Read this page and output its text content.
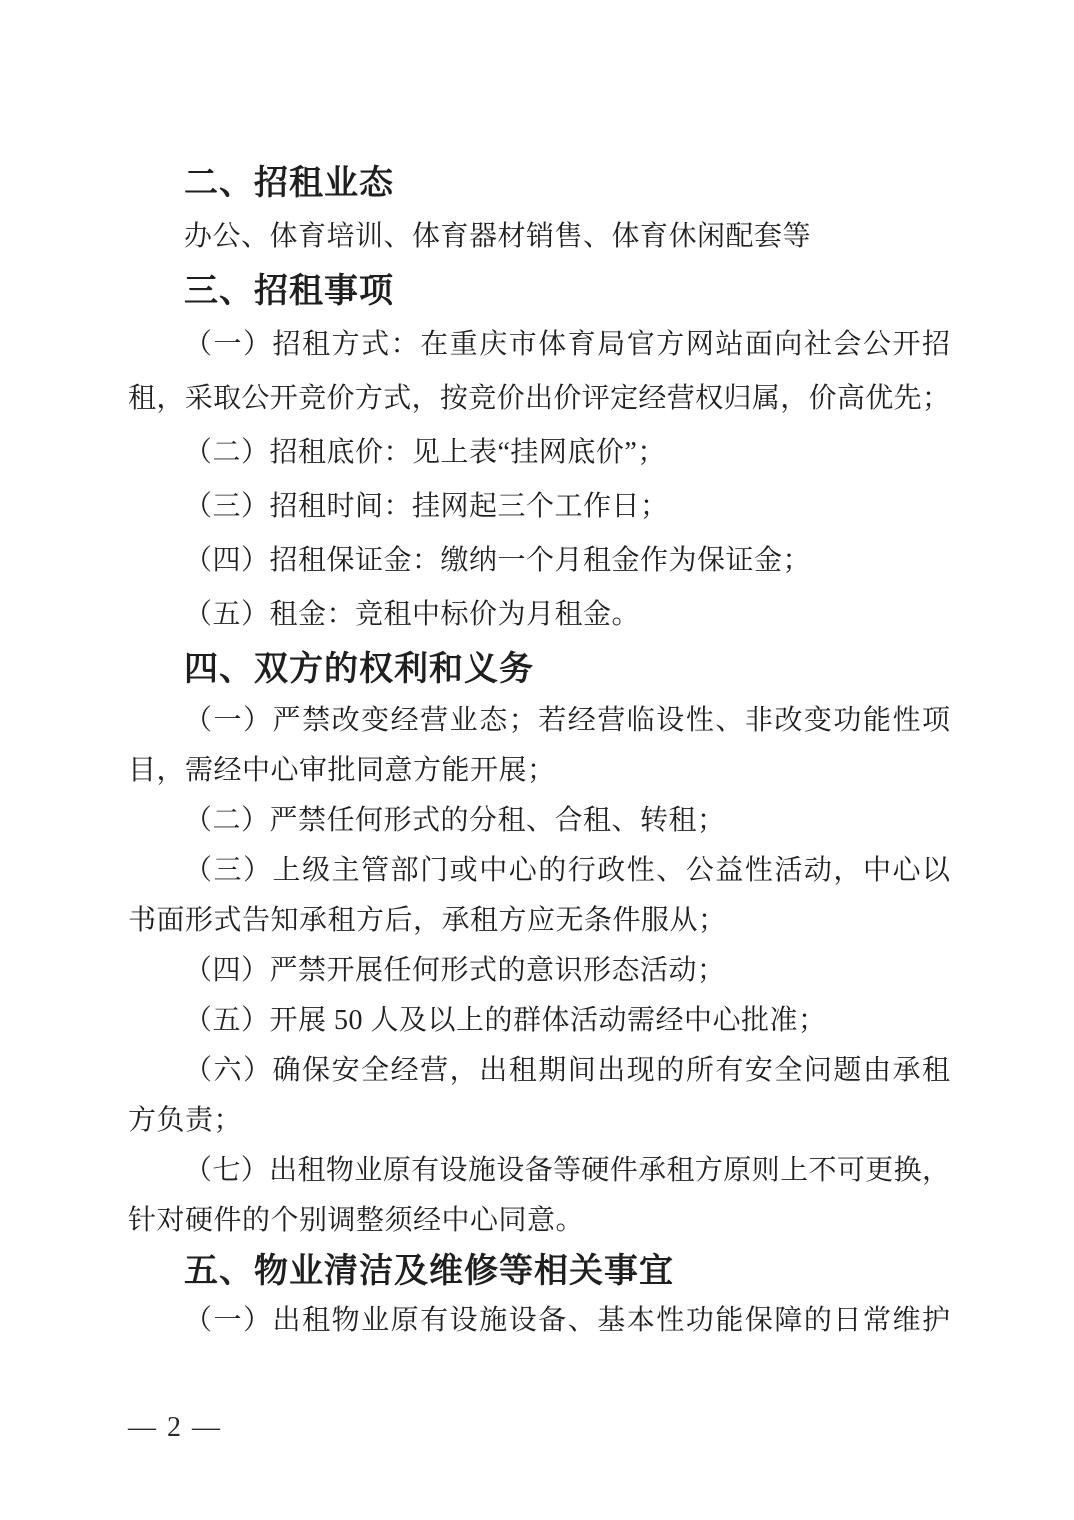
二、招租业态
办公、体育培训、体育器材销售、体育休闲配套等
三、招租事项
（一）招租方式：在重庆市体育局官方网站面向社会公开招
租，采取公开竞价方式，按竞价出价评定经营权归属，价高优先；
（二）招租底价：见上表“挂网底价”；
（三）招租时间：挂网起三个工作日；
（四）招租保证金：缴纳一个月租金作为保证金；
（五）租金：竞租中标价为月租金。
四、双方的权利和义务
（一）严禁改变经营业态；若经营临设性、非改变功能性项
目，需经中心审批同意方能开展；
（二）严禁任何形式的分租、合租、转租；
（三）上级主管部门或中心的行政性、公益性活动，中心以
书面形式告知承租方后，承租方应无条件服从；
（四）严禁开展任何形式的意识形态活动；
（五）开展 50 人及以上的群体活动需经中心批准；
（六）确保安全经营，出租期间出现的所有安全问题由承租
方负责；
（七）出租物业原有设施设备等硬件承租方原则上不可更换，
针对硬件的个别调整须经中心同意。
五、物业清洁及维修等相关事宜
（一）出租物业原有设施设备、基本性功能保障的日常维护
— 2 —
